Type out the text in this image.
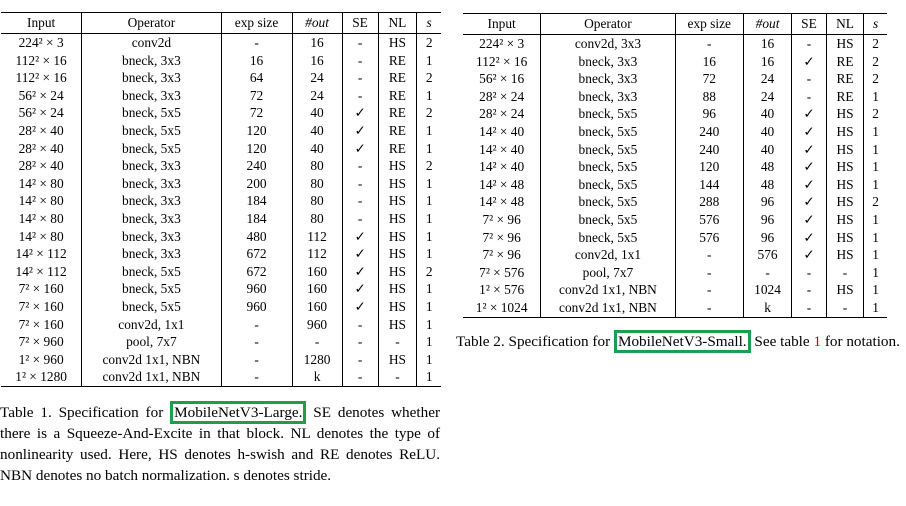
Input	Operator	exp size	#out	SE	NL	s
224² × 3	conv2d	-	16	-	HS	2
112² × 16	bneck, 3x3	16	16	-	RE	1
112² × 16	bneck, 3x3	64	24	-	RE	2
56² × 24	bneck, 3x3	72	24	-	RE	1
56² × 24	bneck, 5x5	72	40	✓	RE	2
28² × 40	bneck, 5x5	120	40	✓	RE	1
28² × 40	bneck, 5x5	120	40	✓	RE	1
28² × 40	bneck, 3x3	240	80	-	HS	2
14² × 80	bneck, 3x3	200	80	-	HS	1
14² × 80	bneck, 3x3	184	80	-	HS	1
14² × 80	bneck, 3x3	184	80	-	HS	1
14² × 80	bneck, 3x3	480	112	✓	HS	1
14² × 112	bneck, 3x3	672	112	✓	HS	1
14² × 112	bneck, 5x5	672	160	✓	HS	2
7² × 160	bneck, 5x5	960	160	✓	HS	1
7² × 160	bneck, 5x5	960	160	✓	HS	1
7² × 160	conv2d, 1x1	-	960	-	HS	1
7² × 960	pool, 7x7	-	-	-	-	1
1² × 960	conv2d 1x1, NBN	-	1280	-	HS	1
1² × 1280	conv2d 1x1, NBN	-	k	-	-	1
Input	Operator	exp size	#out	SE	NL	s
224² × 3	conv2d, 3x3	-	16	-	HS	2
112² × 16	bneck, 3x3	16	16	✓	RE	2
56² × 16	bneck, 3x3	72	24	-	RE	2
28² × 24	bneck, 3x3	88	24	-	RE	1
28² × 24	bneck, 5x5	96	40	✓	HS	2
14² × 40	bneck, 5x5	240	40	✓	HS	1
14² × 40	bneck, 5x5	240	40	✓	HS	1
14² × 40	bneck, 5x5	120	48	✓	HS	1
14² × 48	bneck, 5x5	144	48	✓	HS	1
14² × 48	bneck, 5x5	288	96	✓	HS	2
7² × 96	bneck, 5x5	576	96	✓	HS	1
7² × 96	bneck, 5x5	576	96	✓	HS	1
7² × 96	conv2d, 1x1	-	576	✓	HS	1
7² × 576	pool, 7x7	-	-	-	-	1
1² × 576	conv2d 1x1, NBN	-	1024	-	HS	1
1² × 1024	conv2d 1x1, NBN	-	k	-	-	1
Table 1. Specification for MobileNetV3-Large. SE denotes whether there is a Squeeze-And-Excite in that block. NL denotes the type of nonlinearity used. Here, HS denotes h-swish and RE denotes ReLU. NBN denotes no batch normalization. s denotes stride.
Table 2. Specification for MobileNetV3-Small. See table 1 for notation.
